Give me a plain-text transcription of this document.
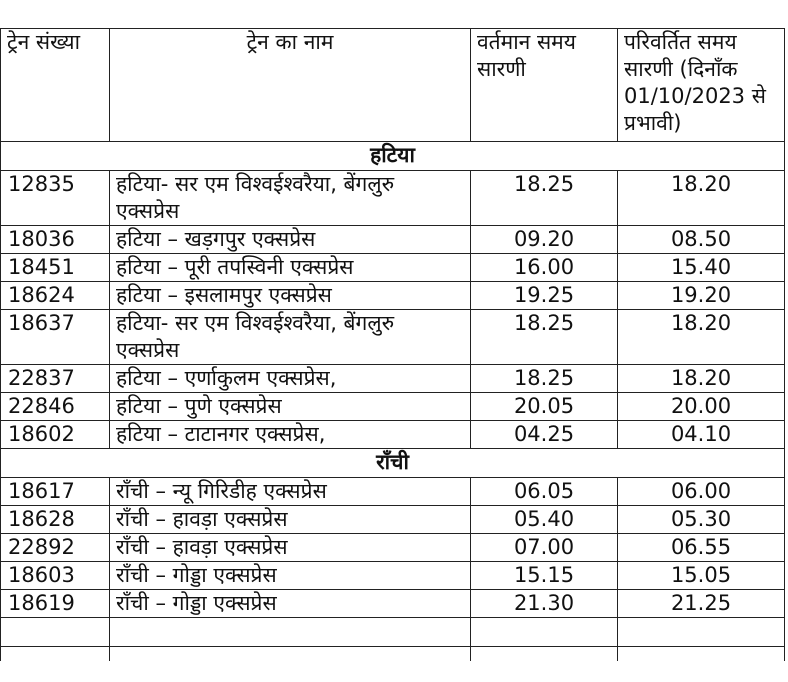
ट्रेन संख्या	ट्रेन का नाम	वर्तमान समय सारणी	परिवर्तित समय सारणी (दिनाँक 01/10/2023 से प्रभावी)
हटिया			
12835	हटिया- सर एम विश्वईश्वरैया, बेंगलुरु एक्सप्रेस	18.25	18.20
18036	हटिया – खड़गपुर एक्सप्रेस	09.20	08.50
18451	हटिया – पूरी तपस्विनी एक्सप्रेस	16.00	15.40
18624	हटिया – इसलामपुर एक्सप्रेस	19.25	19.20
18637	हटिया- सर एम विश्वईश्वरैया, बेंगलुरु एक्सप्रेस	18.25	18.20
22837	हटिया – एर्णाकुलम एक्सप्रेस,	18.25	18.20
22846	हटिया – पुणे एक्सप्रेस	20.05	20.00
18602	हटिया – टाटानगर एक्सप्रेस,	04.25	04.10
राँची			
18617	राँची – न्यू गिरिडीह एक्सप्रेस	06.05	06.00
18628	राँची – हावड़ा एक्सप्रेस	05.40	05.30
22892	राँची – हावड़ा एक्सप्रेस	07.00	06.55
18603	राँची – गोड्डा एक्सप्रेस	15.15	15.05
18619	राँची – गोड्डा एक्सप्रेस	21.30	21.25
